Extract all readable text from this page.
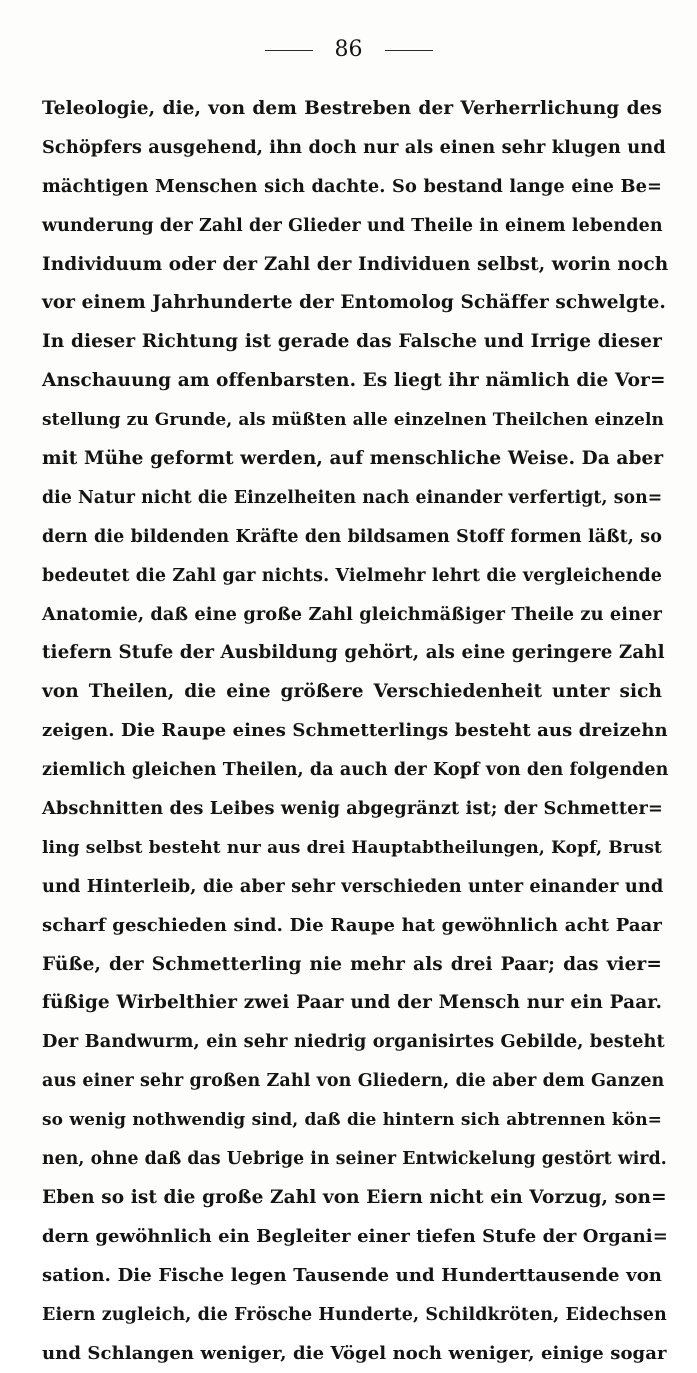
86
Teleologie, die, von dem Bestreben der Verherrlichung des
Schöpfers ausgehend, ihn doch nur als einen sehr klugen und
mächtigen Menschen sich dachte. So bestand lange eine Be=
wunderung der Zahl der Glieder und Theile in einem lebenden
Individuum oder der Zahl der Individuen selbst, worin noch
vor einem Jahrhunderte der Entomolog Schäffer schwelgte.
In dieser Richtung ist gerade das Falsche und Irrige dieser
Anschauung am offenbarsten. Es liegt ihr nämlich die Vor=
stellung zu Grunde, als müßten alle einzelnen Theilchen einzeln
mit Mühe geformt werden, auf menschliche Weise. Da aber
die Natur nicht die Einzelheiten nach einander verfertigt, son=
dern die bildenden Kräfte den bildsamen Stoff formen läßt, so
bedeutet die Zahl gar nichts. Vielmehr lehrt die vergleichende
Anatomie, daß eine große Zahl gleichmäßiger Theile zu einer
tiefern Stufe der Ausbildung gehört, als eine geringere Zahl
von Theilen, die eine größere Verschiedenheit unter sich
zeigen. Die Raupe eines Schmetterlings besteht aus dreizehn
ziemlich gleichen Theilen, da auch der Kopf von den folgenden
Abschnitten des Leibes wenig abgegränzt ist; der Schmetter=
ling selbst besteht nur aus drei Hauptabtheilungen, Kopf, Brust
und Hinterleib, die aber sehr verschieden unter einander und
scharf geschieden sind. Die Raupe hat gewöhnlich acht Paar
Füße, der Schmetterling nie mehr als drei Paar; das vier=
füßige Wirbelthier zwei Paar und der Mensch nur ein Paar.
Der Bandwurm, ein sehr niedrig organisirtes Gebilde, besteht
aus einer sehr großen Zahl von Gliedern, die aber dem Ganzen
so wenig nothwendig sind, daß die hintern sich abtrennen kön=
nen, ohne daß das Uebrige in seiner Entwickelung gestört wird.
Eben so ist die große Zahl von Eiern nicht ein Vorzug, son=
dern gewöhnlich ein Begleiter einer tiefen Stufe der Organi=
sation. Die Fische legen Tausende und Hunderttausende von
Eiern zugleich, die Frösche Hunderte, Schildkröten, Eidechsen
und Schlangen weniger, die Vögel noch weniger, einige sogar
